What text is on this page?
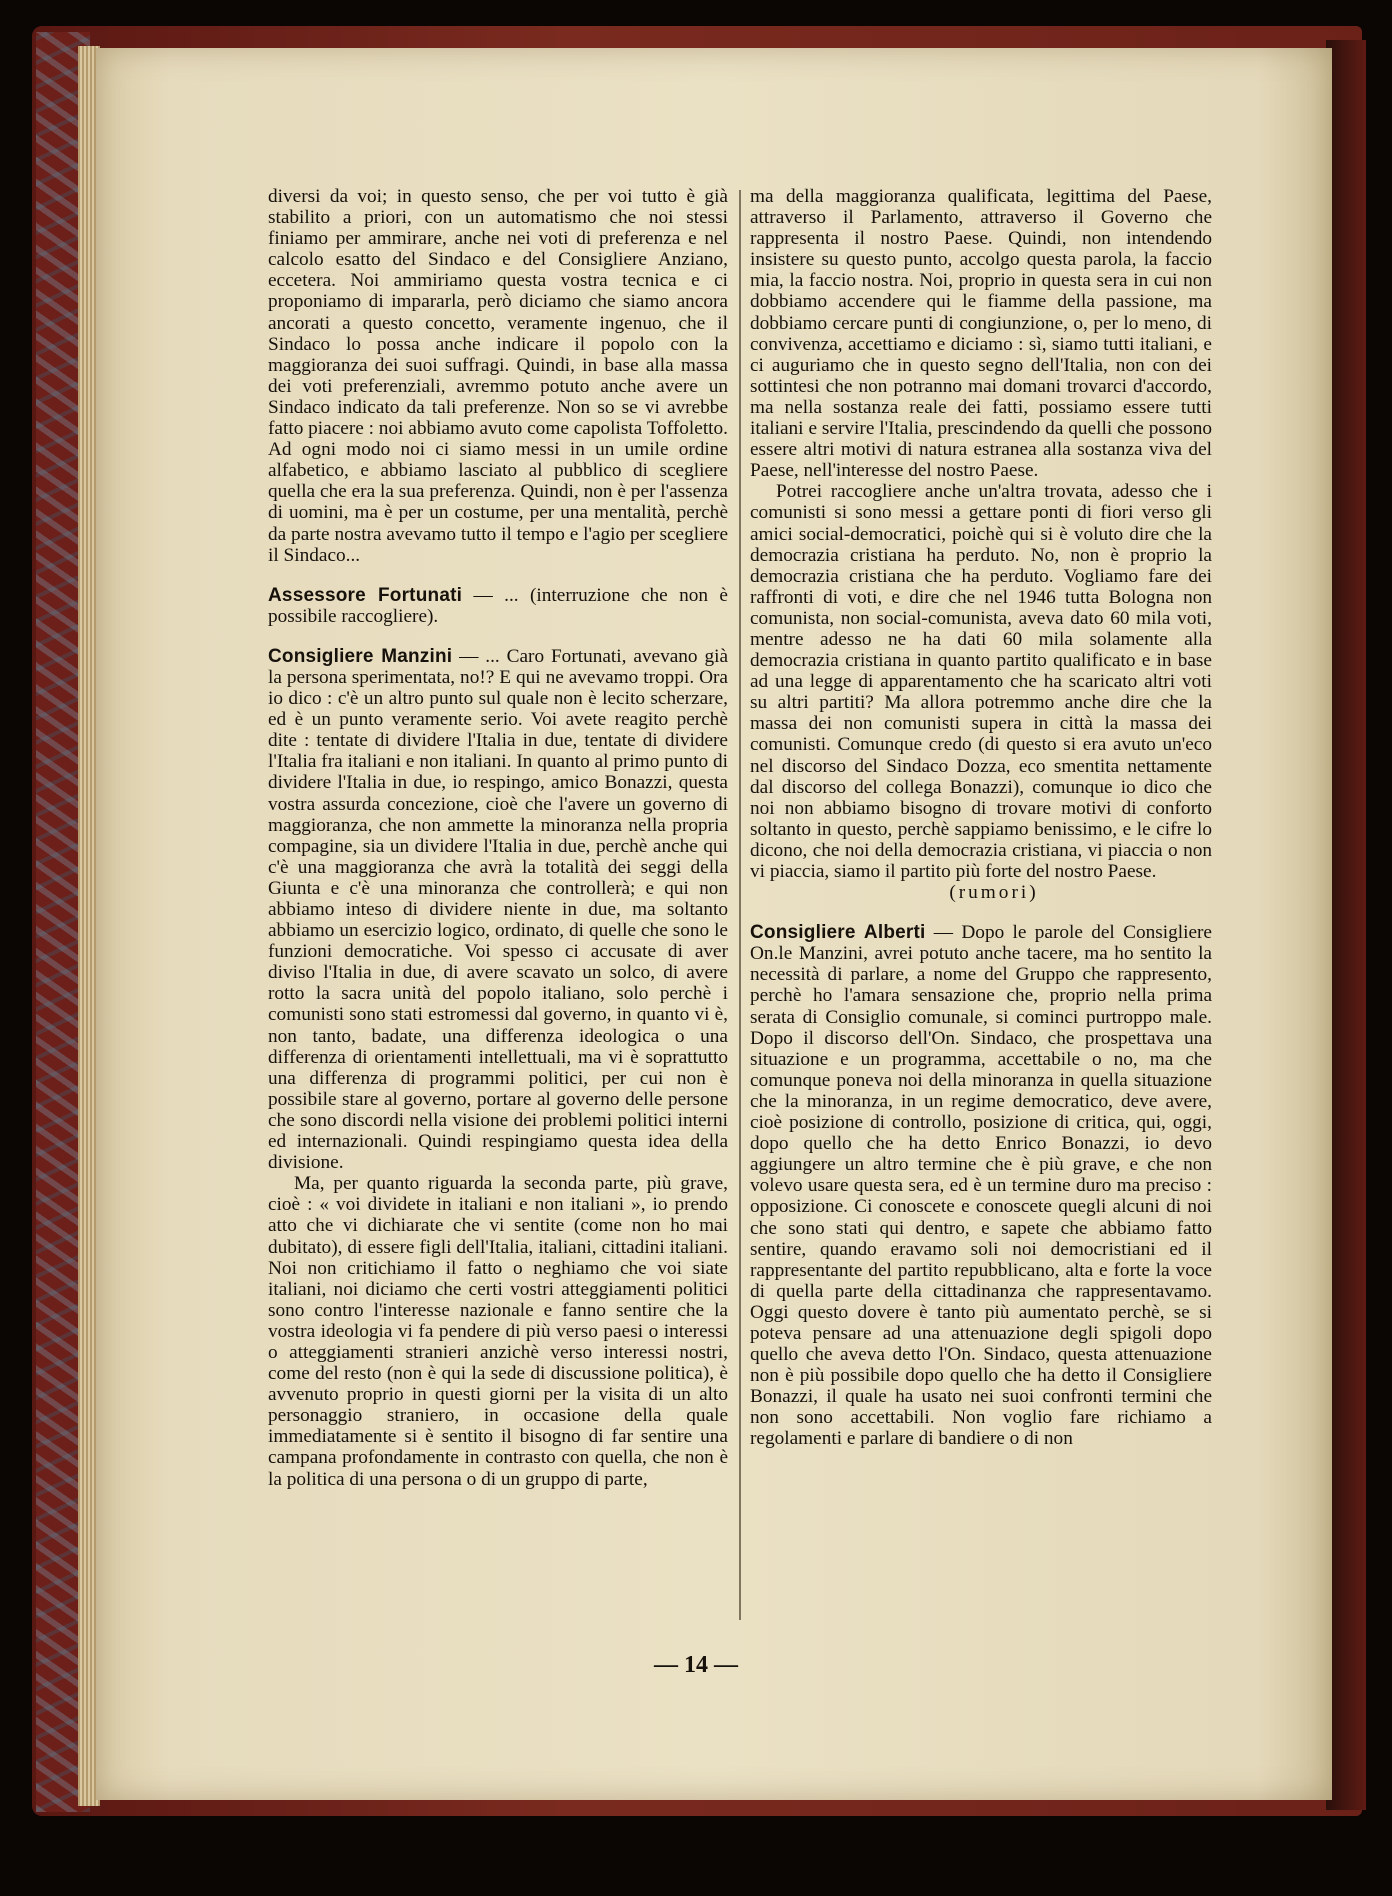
diversi da voi; in questo senso, che per voi tutto è già stabilito a priori, con un automatismo che noi stessi finiamo per ammirare, anche nei voti di preferenza e nel calcolo esatto del Sindaco e del Consigliere Anziano, eccetera. Noi ammiriamo questa vostra tecnica e ci proponiamo di impararla, però diciamo che siamo ancora ancorati a questo concetto, veramente ingenuo, che il Sindaco lo possa anche indicare il popolo con la maggioranza dei suoi suffragi. Quindi, in base alla massa dei voti preferenziali, avremmo potuto anche avere un Sindaco indicato da tali preferenze. Non so se vi avrebbe fatto piacere : noi abbiamo avuto come capolista Toffoletto. Ad ogni modo noi ci siamo messi in un umile ordine alfabetico, e abbiamo lasciato al pubblico di scegliere quella che era la sua preferenza. Quindi, non è per l'assenza di uomini, ma è per un costume, per una mentalità, perchè da parte nostra avevamo tutto il tempo e l'agio per scegliere il Sindaco...

Assessore Fortunati — ... (interruzione che non è possibile raccogliere).

Consigliere Manzini — ... Caro Fortunati, avevano già la persona sperimentata, no!? E qui ne avevamo troppi. Ora io dico : c'è un altro punto sul quale non è lecito scherzare, ed è un punto veramente serio. Voi avete reagito perchè dite : tentate di dividere l'Italia in due, tentate di dividere l'Italia fra italiani e non italiani. In quanto al primo punto di dividere l'Italia in due, io respingo, amico Bonazzi, questa vostra assurda concezione, cioè che l'avere un governo di maggioranza, che non ammette la minoranza nella propria compagine, sia un dividere l'Italia in due, perchè anche qui c'è una maggioranza che avrà la totalità dei seggi della Giunta e c'è una minoranza che controllerà; e qui non abbiamo inteso di dividere niente in due, ma soltanto abbiamo un esercizio logico, ordinato, di quelle che sono le funzioni democratiche. Voi spesso ci accusate di aver diviso l'Italia in due, di avere scavato un solco, di avere rotto la sacra unità del popolo italiano, solo perchè i comunisti sono stati estromessi dal governo, in quanto vi è, non tanto, badate, una differenza ideologica o una differenza di orientamenti intellettuali, ma vi è soprattutto una differenza di programmi politici, per cui non è possibile stare al governo, portare al governo delle persone che sono discordi nella visione dei problemi politici interni ed internazionali. Quindi respingiamo questa idea della divisione.

Ma, per quanto riguarda la seconda parte, più grave, cioè : « voi dividete in italiani e non italiani », io prendo atto che vi dichiarate che vi sentite (come non ho mai dubitato), di essere figli dell'Italia, italiani, cittadini italiani. Noi non critichiamo il fatto o neghiamo che voi siate italiani, noi diciamo che certi vostri atteggiamenti politici sono contro l'interesse nazionale e fanno sentire che la vostra ideologia vi fa pendere di più verso paesi o interessi o atteggiamenti stranieri anzichè verso interessi nostri, come del resto (non è qui la sede di discussione politica), è avvenuto proprio in questi giorni per la visita di un alto personaggio straniero, in occasione della quale immediatamente si è sentito il bisogno di far sentire una campana profondamente in contrasto con quella, che non è la politica di una persona o di un gruppo di parte,

ma della maggioranza qualificata, legittima del Paese, attraverso il Parlamento, attraverso il Governo che rappresenta il nostro Paese. Quindi, non intendendo insistere su questo punto, accolgo questa parola, la faccio mia, la faccio nostra. Noi, proprio in questa sera in cui non dobbiamo accendere qui le fiamme della passione, ma dobbiamo cercare punti di congiunzione, o, per lo meno, di convivenza, accettiamo e diciamo : sì, siamo tutti italiani, e ci auguriamo che in questo segno dell'Italia, non con dei sottintesi che non potranno mai domani trovarci d'accordo, ma nella sostanza reale dei fatti, possiamo essere tutti italiani e servire l'Italia, prescindendo da quelli che possono essere altri motivi di natura estranea alla sostanza viva del Paese, nell'interesse del nostro Paese.

Potrei raccogliere anche un'altra trovata, adesso che i comunisti si sono messi a gettare ponti di fiori verso gli amici social-democratici, poichè qui si è voluto dire che la democrazia cristiana ha perduto. No, non è proprio la democrazia cristiana che ha perduto. Vogliamo fare dei raffronti di voti, e dire che nel 1946 tutta Bologna non comunista, non social-comunista, aveva dato 60 mila voti, mentre adesso ne ha dati 60 mila solamente alla democrazia cristiana in quanto partito qualificato e in base ad una legge di apparentamento che ha scaricato altri voti su altri partiti? Ma allora potremmo anche dire che la massa dei non comunisti supera in città la massa dei comunisti. Comunque credo (di questo si era avuto un'eco nel discorso del Sindaco Dozza, eco smentita nettamente dal discorso del collega Bonazzi), comunque io dico che noi non abbiamo bisogno di trovare motivi di conforto soltanto in questo, perchè sappiamo benissimo, e le cifre lo dicono, che noi della democrazia cristiana, vi piaccia o non vi piaccia, siamo il partito più forte del nostro Paese.

(rumori)

Consigliere Alberti — Dopo le parole del Consigliere On.le Manzini, avrei potuto anche tacere, ma ho sentito la necessità di parlare, a nome del Gruppo che rappresento, perchè ho l'amara sensazione che, proprio nella prima serata di Consiglio comunale, si cominci purtroppo male. Dopo il discorso dell'On. Sindaco, che prospettava una situazione e un programma, accettabile o no, ma che comunque poneva noi della minoranza in quella situazione che la minoranza, in un regime democratico, deve avere, cioè posizione di controllo, posizione di critica, qui, oggi, dopo quello che ha detto Enrico Bonazzi, io devo aggiungere un altro termine che è più grave, e che non volevo usare questa sera, ed è un termine duro ma preciso : opposizione. Ci conoscete e conoscete quegli alcuni di noi che sono stati qui dentro, e sapete che abbiamo fatto sentire, quando eravamo soli noi democristiani ed il rappresentante del partito repubblicano, alta e forte la voce di quella parte della cittadinanza che rappresentavamo. Oggi questo dovere è tanto più aumentato perchè, se si poteva pensare ad una attenuazione degli spigoli dopo quello che aveva detto l'On. Sindaco, questa attenuazione non è più possibile dopo quello che ha detto il Consigliere Bonazzi, il quale ha usato nei suoi confronti termini che non sono accettabili. Non voglio fare richiamo a regolamenti e parlare di bandiere o di non

— 14 —
